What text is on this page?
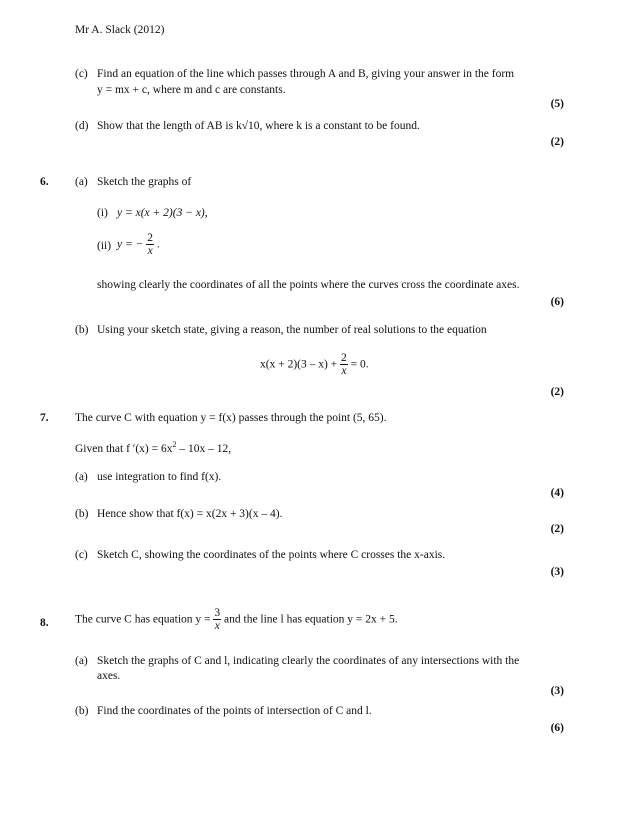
Mr A. Slack (2012)
(c) Find an equation of the line which passes through A and B, giving your answer in the form
y = mx + c, where m and c are constants.
(5)
(d) Show that the length of AB is k√10, where k is a constant to be found.
(2)
6. (a) Sketch the graphs of
(i) y = x(x + 2)(3 − x),
(ii) y = − $\frac{2}{x}$ .
showing clearly the coordinates of all the points where the curves cross the coordinate axes.
(6)
(b) Using your sketch state, giving a reason, the number of real solutions to the equation
$x(x + 2)(3 - x) + \frac{2}{x} = 0$.
(2)
7. The curve C with equation y = f(x) passes through the point (5, 65).
Given that f $'(x) = 6x^2 - 10x - 12$,
(a) use integration to find f(x).
(4)
(b) Hence show that f(x) = x(2x + 3)(x – 4).
(2)
(c) Sketch C, showing the coordinates of the points where C crosses the x-axis.
(3)
8. The curve C has equation $y = \frac{3}{x}$ and the line l has equation y = 2x + 5.
(a) Sketch the graphs of C and l, indicating clearly the coordinates of any intersections with the
axes.
(3)
(b) Find the coordinates of the points of intersection of C and l.
(6)
